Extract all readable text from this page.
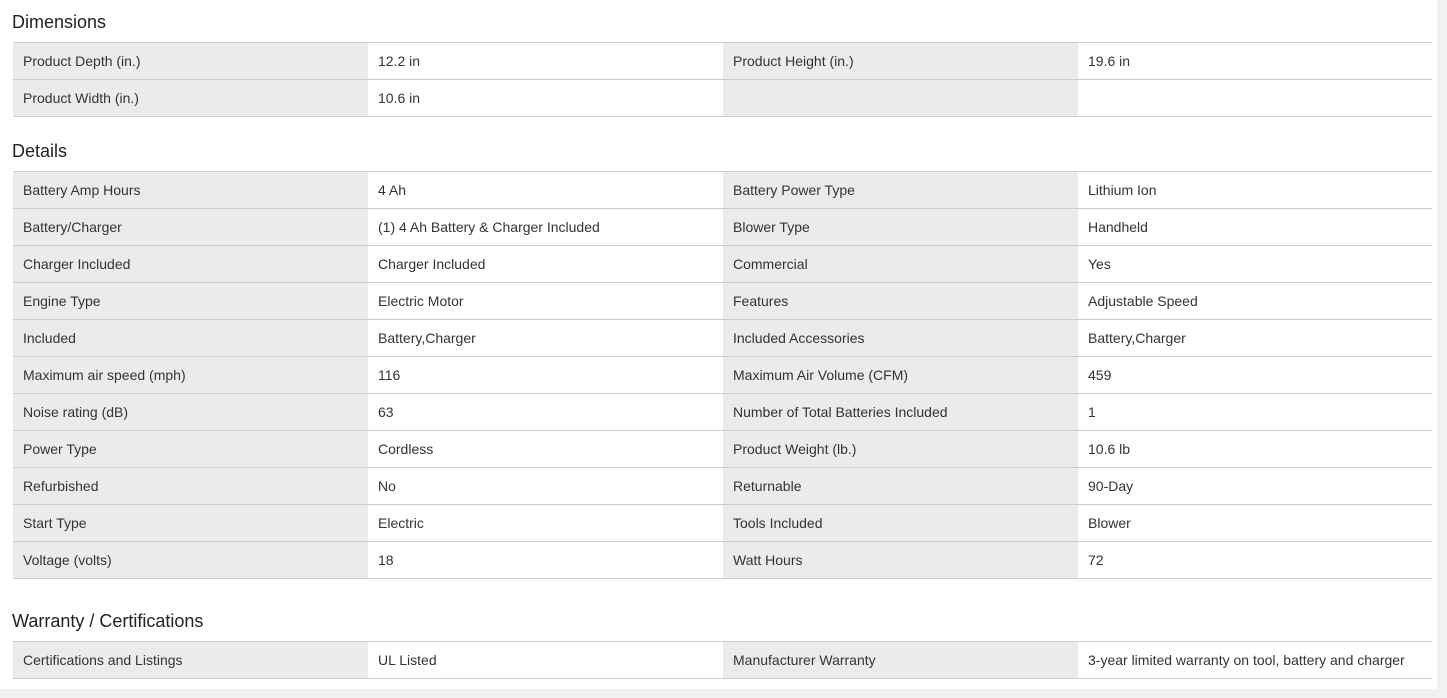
Dimensions
Product Depth (in.)	12.2 in	Product Height (in.)	19.6 in
Product Width (in.)	10.6 in		
Details
Battery Amp Hours	4 Ah	Battery Power Type	Lithium Ion
Battery/Charger	(1) 4 Ah Battery & Charger Included	Blower Type	Handheld
Charger Included	Charger Included	Commercial	Yes
Engine Type	Electric Motor	Features	Adjustable Speed
Included	Battery,Charger	Included Accessories	Battery,Charger
Maximum air speed (mph)	116	Maximum Air Volume (CFM)	459
Noise rating (dB)	63	Number of Total Batteries Included	1
Power Type	Cordless	Product Weight (lb.)	10.6 lb
Refurbished	No	Returnable	90-Day
Start Type	Electric	Tools Included	Blower
Voltage (volts)	18	Watt Hours	72
Warranty / Certifications
Certifications and Listings	UL Listed	Manufacturer Warranty	3-year limited warranty on tool, battery and charger
